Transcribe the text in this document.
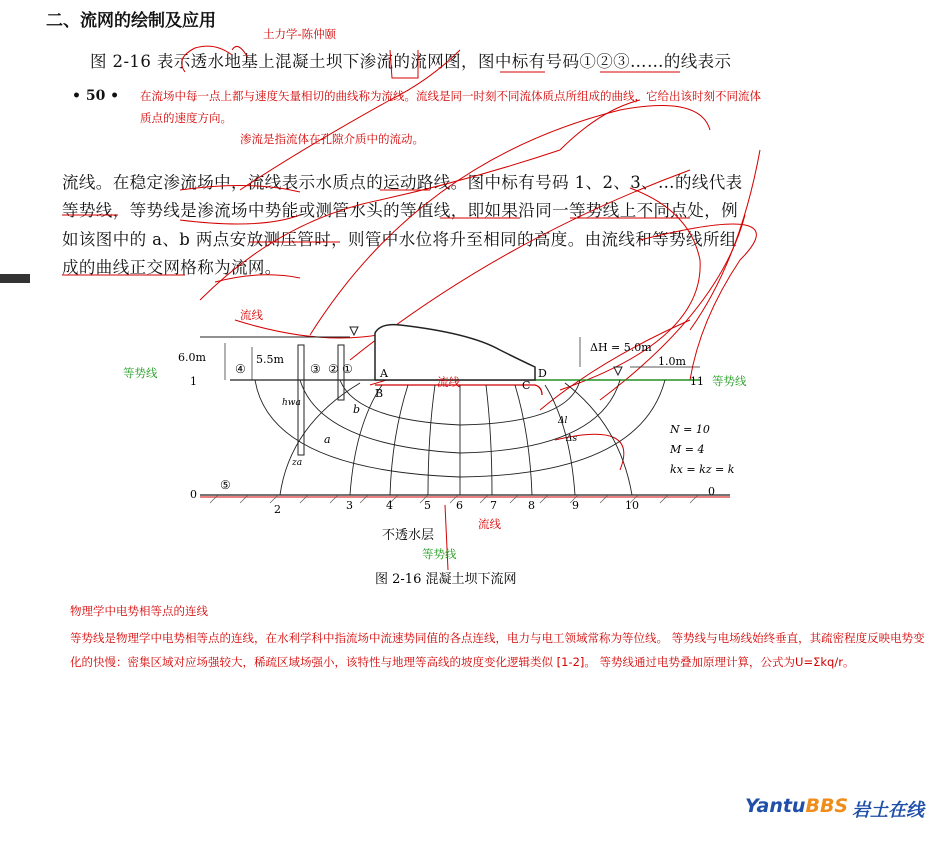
二、流网的绘制及应用
土力学-陈仲颐
图 2-16 表示透水地基上混凝土坝下渗流的流网图，图中标有号码①②③……的线表示
• 50 • 在流场中每一点上都与速度矢量相切的曲线称为流线。流线是同一时刻不同流体质点所组成的曲线，它给出该时刻不同流体
质点的速度方向。
渗流是指流体在孔隙介质中的流动。
流线。在稳定渗流场中，流线表示水质点的运动路线。图中标有号码 1、2、3、…的线代表
等势线，等势线是渗流场中势能或测管水头的等值线，即如果沿同一等势线上不同点处，例
如该图中的 a、b 两点安放测压管时，则管中水位将升至相同的高度。由流线和等势线所组
成的曲线正交网格称为流网。
6.0m	5.5m
ΔH = 5.0m
1.0m
hwa
za
A
B
C
D
a
b
①
②
③
④
⑤
1
0
11
0
N = 10
M = 4
kx = kz = k
Δl
Δs
2	3	4	5 6 7	8	9	10
不透水层
图 2-16 混凝土坝下流网
流线
等势线
流线	等势线
流线
等势线
物理学中电势相等点的连线
等势线是物理学中电势相等点的连线，在水利学科中指流场中流速势同值的各点连线，电力与电工领域常称为等位线。 等势线与电场线始终垂直，其疏密程度反映电势变化的快慢：密集区域对应场强较大，稀疏区域场强小，该特性与地理等高线的坡度变化逻辑类似 [1-2]。 等势线通过电势叠加原理计算，公式为U=Σkq/r。
YantuBBS 岩土在线
